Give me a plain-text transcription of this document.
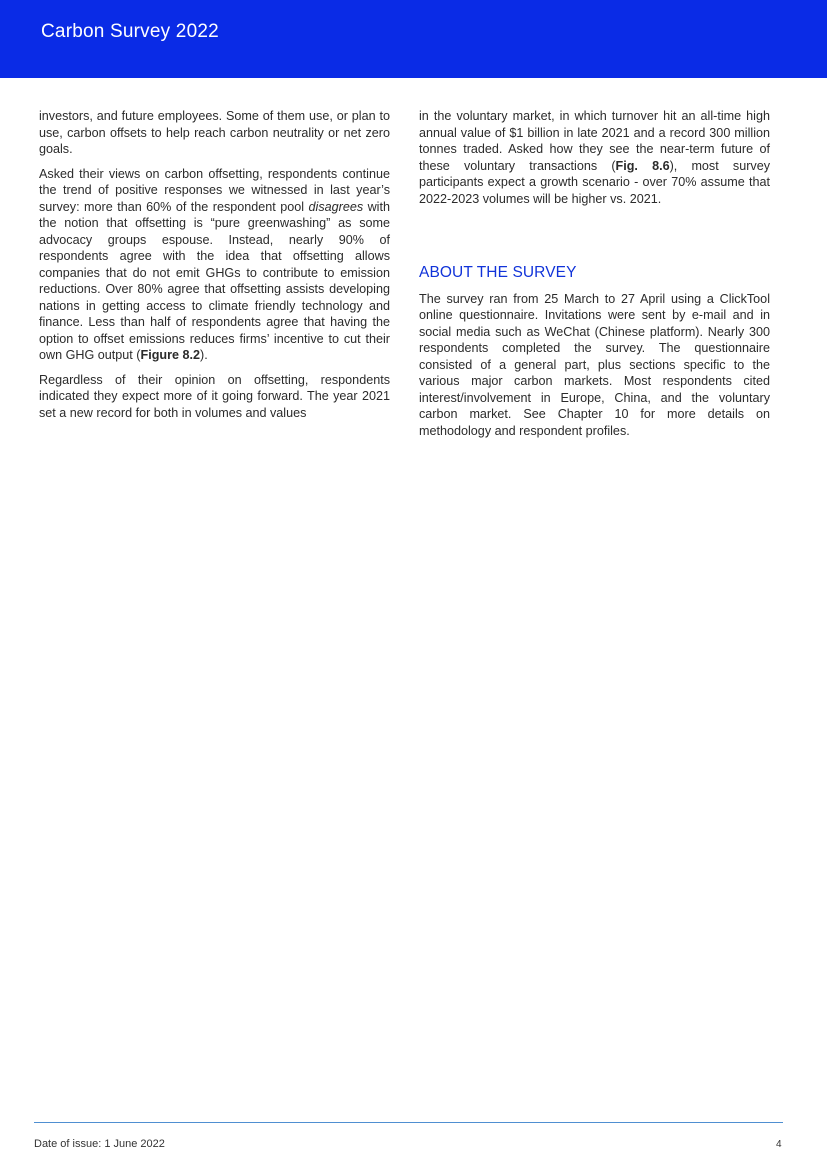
Carbon Survey 2022

investors, and future employees. Some of them use, or plan to use, carbon offsets to help reach carbon neutrality or net zero goals.

Asked their views on carbon offsetting, respondents continue the trend of positive responses we witnessed in last year’s survey: more than 60% of the respondent pool disagrees with the notion that offsetting is “pure greenwashing” as some advocacy groups espouse. Instead, nearly 90% of respondents agree with the idea that offsetting allows companies that do not emit GHGs to contribute to emission reductions. Over 80% agree that offsetting assists developing nations in getting access to climate friendly technology and finance. Less than half of respondents agree that having the option to offset emissions reduces firms’ incentive to cut their own GHG output (Figure 8.2).

Regardless of their opinion on offsetting, respondents indicated they expect more of it going forward. The year 2021 set a new record for both in volumes and values

in the voluntary market, in which turnover hit an all-time high annual value of $1 billion in late 2021 and a record 300 million tonnes traded. Asked how they see the near-term future of these voluntary transactions (Fig. 8.6), most survey participants expect a growth scenario - over 70% assume that 2022-2023 volumes will be higher vs. 2021.

ABOUT THE SURVEY

The survey ran from 25 March to 27 April using a ClickTool online questionnaire. Invitations were sent by e-mail and in social media such as WeChat (Chinese platform). Nearly 300 respondents completed the survey. The questionnaire consisted of a general part, plus sections specific to the various major carbon markets. Most respondents cited interest/involvement in Europe, China, and the voluntary carbon market. See Chapter 10 for more details on methodology and respondent profiles.

Date of issue: 1 June 2022	4
